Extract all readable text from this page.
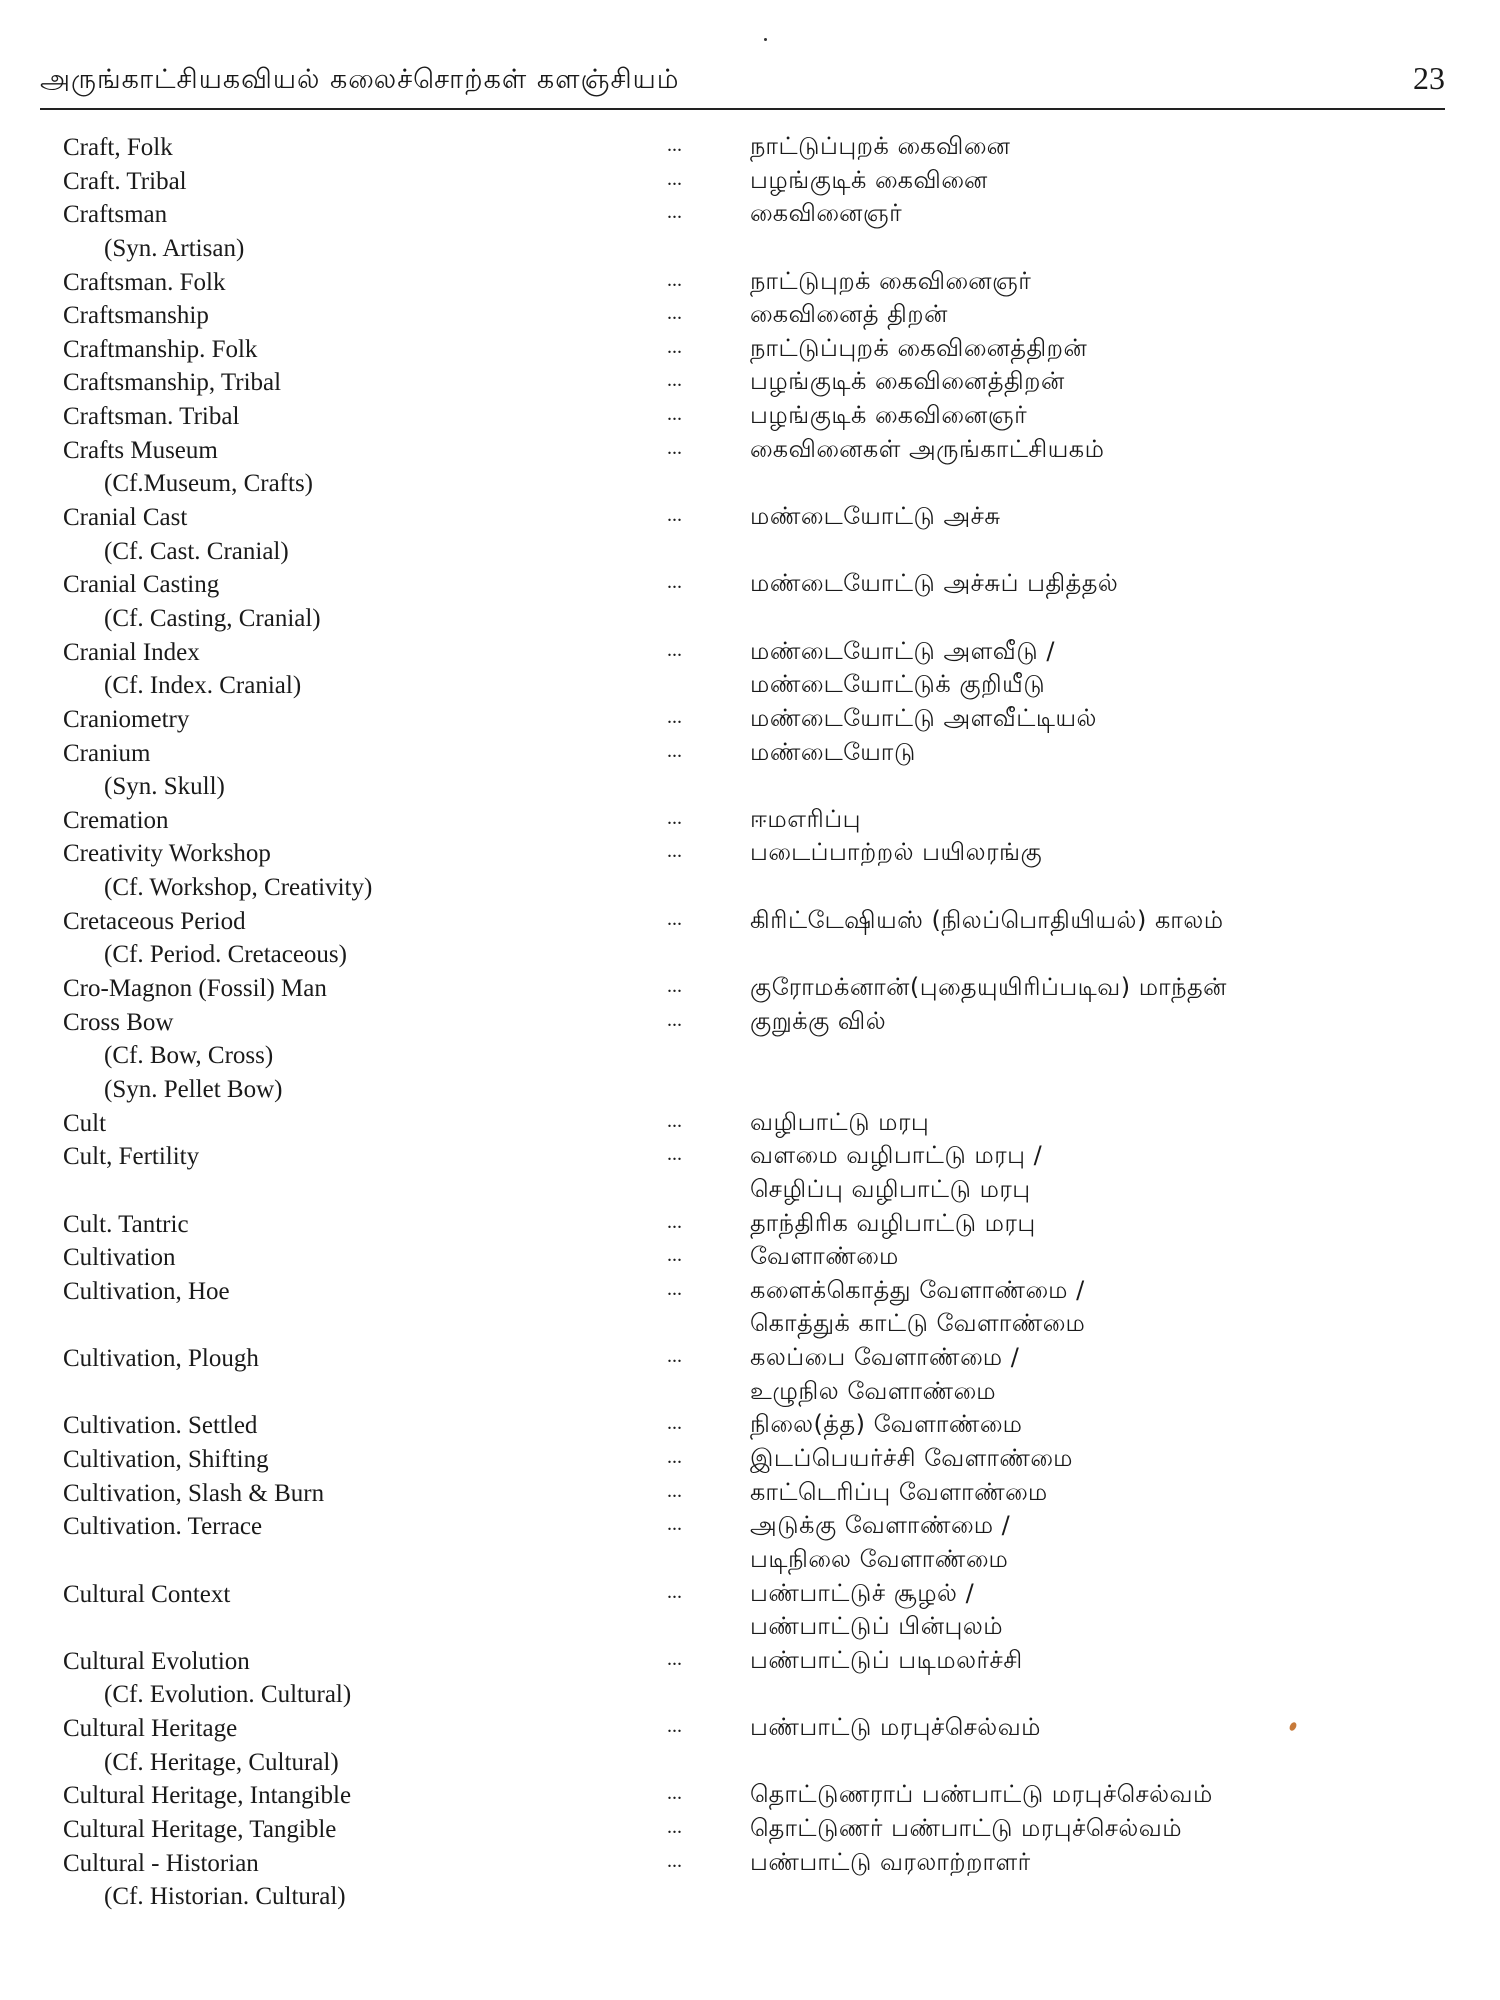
அருங்காட்சியகவியல் கலைச்சொற்கள் களஞ்சியம்	23
Craft, Folk	...	நாட்டுப்புறக் கைவினை
Craft. Tribal	...	பழங்குடிக் கைவினை
Craftsman	...	கைவினைஞர்
(Syn. Artisan)
Craftsman. Folk	...	நாட்டுபுறக் கைவினைஞர்
Craftsmanship	...	கைவினைத் திறன்
Craftmanship. Folk	...	நாட்டுப்புறக் கைவினைத்திறன்
Craftsmanship, Tribal	...	பழங்குடிக் கைவினைத்திறன்
Craftsman. Tribal	...	பழங்குடிக் கைவினைஞர்
Crafts Museum	...	கைவினைகள் அருங்காட்சியகம்
(Cf.Museum, Crafts)
Cranial Cast	...	மண்டையோட்டு அச்சு
(Cf. Cast. Cranial)
Cranial Casting	...	மண்டையோட்டு அச்சுப் பதித்தல்
(Cf. Casting, Cranial)
Cranial Index	...	மண்டையோட்டு அளவீடு /
(Cf. Index. Cranial)	மண்டையோட்டுக் குறியீடு
Craniometry	...	மண்டையோட்டு அளவீட்டியல்
Cranium	...	மண்டையோடு
(Syn. Skull)
Cremation	...	ஈமஎரிப்பு
Creativity Workshop	...	படைப்பாற்றல் பயிலரங்கு
(Cf. Workshop, Creativity)
Cretaceous Period	...	கிரிட்டேஷியஸ் (நிலப்பொதியியல்) காலம்
(Cf. Period. Cretaceous)
Cro-Magnon (Fossil) Man	...	குரோமக்னான்(புதையுயிரிப்படிவ) மாந்தன்
Cross Bow	...	குறுக்கு வில்
(Cf. Bow, Cross)
(Syn. Pellet Bow)
Cult	...	வழிபாட்டு மரபு
Cult, Fertility	...	வளமை வழிபாட்டு மரபு /
செழிப்பு வழிபாட்டு மரபு
Cult. Tantric	...	தாந்திரிக வழிபாட்டு மரபு
Cultivation	...	வேளாண்மை
Cultivation, Hoe	...	களைக்கொத்து வேளாண்மை /
கொத்துக் காட்டு வேளாண்மை
Cultivation, Plough	...	கலப்பை வேளாண்மை /
உழுநில வேளாண்மை
Cultivation. Settled	...	நிலை(த்த) வேளாண்மை
Cultivation, Shifting	...	இடப்பெயர்ச்சி வேளாண்மை
Cultivation, Slash & Burn	...	காட்டெரிப்பு வேளாண்மை
Cultivation. Terrace	...	அடுக்கு வேளாண்மை /
படிநிலை வேளாண்மை
Cultural Context	...	பண்பாட்டுச் சூழல் /
பண்பாட்டுப் பின்புலம்
Cultural Evolution	...	பண்பாட்டுப் படிமலர்ச்சி
(Cf. Evolution. Cultural)
Cultural Heritage	...	பண்பாட்டு மரபுச்செல்வம்
(Cf. Heritage, Cultural)
Cultural Heritage, Intangible	...	தொட்டுணராப் பண்பாட்டு மரபுச்செல்வம்
Cultural Heritage, Tangible	...	தொட்டுணர் பண்பாட்டு மரபுச்செல்வம்
Cultural - Historian	...	பண்பாட்டு வரலாற்றாளர்
(Cf. Historian. Cultural)
